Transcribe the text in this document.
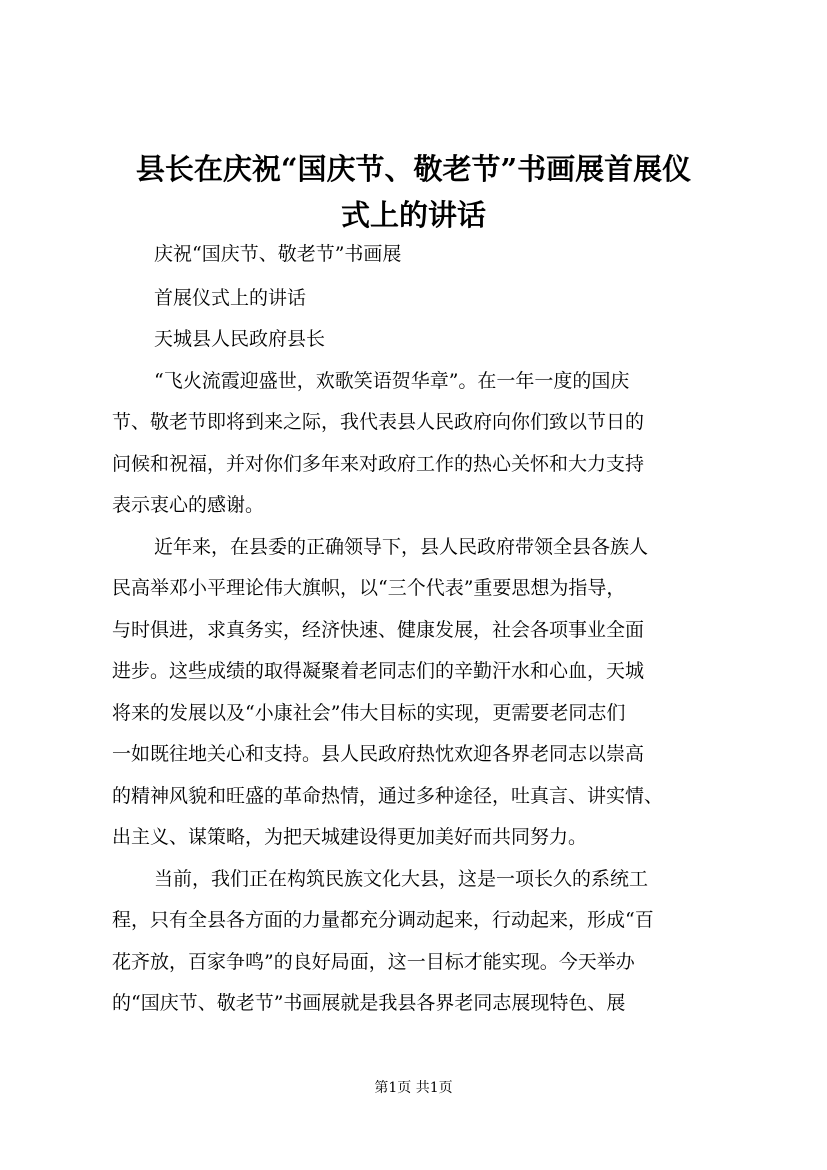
县长在庆祝“国庆节、敬老节”书画展首展仪
式上的讲话
庆祝“国庆节、敬老节”书画展
首展仪式上的讲话
天城县人民政府县长
“飞火流霞迎盛世，欢歌笑语贺华章”。在一年一度的国庆
节、敬老节即将到来之际，我代表县人民政府向你们致以节日的
问候和祝福，并对你们多年来对政府工作的热心关怀和大力支持
表示衷心的感谢。
近年来，在县委的正确领导下，县人民政府带领全县各族人
民高举邓小平理论伟大旗帜，以“三个代表”重要思想为指导，
与时俱进，求真务实，经济快速、健康发展，社会各项事业全面
进步。这些成绩的取得凝聚着老同志们的辛勤汗水和心血，天城
将来的发展以及“小康社会”伟大目标的实现，更需要老同志们
一如既往地关心和支持。县人民政府热忱欢迎各界老同志以崇高
的精神风貌和旺盛的革命热情，通过多种途径，吐真言、讲实情、
出主义、谋策略，为把天城建设得更加美好而共同努力。
当前，我们正在构筑民族文化大县，这是一项长久的系统工
程，只有全县各方面的力量都充分调动起来，行动起来，形成“百
花齐放，百家争鸣”的良好局面，这一目标才能实现。今天举办
的“国庆节、敬老节”书画展就是我县各界老同志展现特色、展
第1页 共1页
